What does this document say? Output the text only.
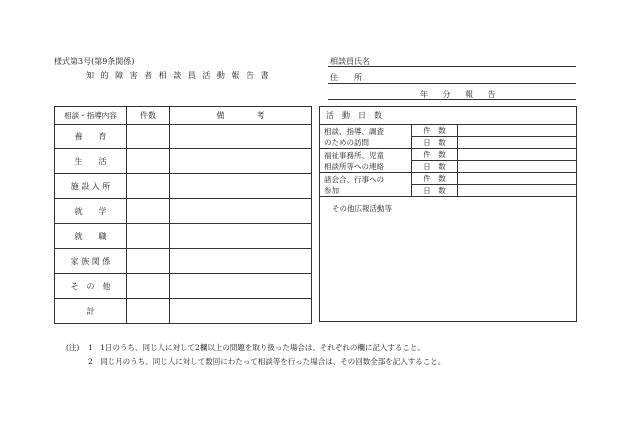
様式第3号(第9条関係)
知 的 障 害 者 相 談 員 活 動 報 告 書
相談員氏名
住　　所
年 分 報 告
相談・指導内容	件数	備　　　　考
養　　育		
生　　活		
施 設 入 所		
就　　学		
就　　職		
家 族 関 係		
そ　の　他		
計		
活　動　日　数		

相談、指導、調査
のための訪問	件　数	
	日　数	

福祉事務所、児童
相談所等への連絡	件　数	
	日　数	

諸会合、行事への
参加	件　数	
	日　数	
その他広報活動等		
(注) 1　1日のうち、同じ人に対して2欄以上の問題を取り扱った場合は、それぞれの欄に記入すること。
2　同じ月のうち、同じ人に対して数回にわたって相談等を行った場合は、その回数全部を記入すること。
